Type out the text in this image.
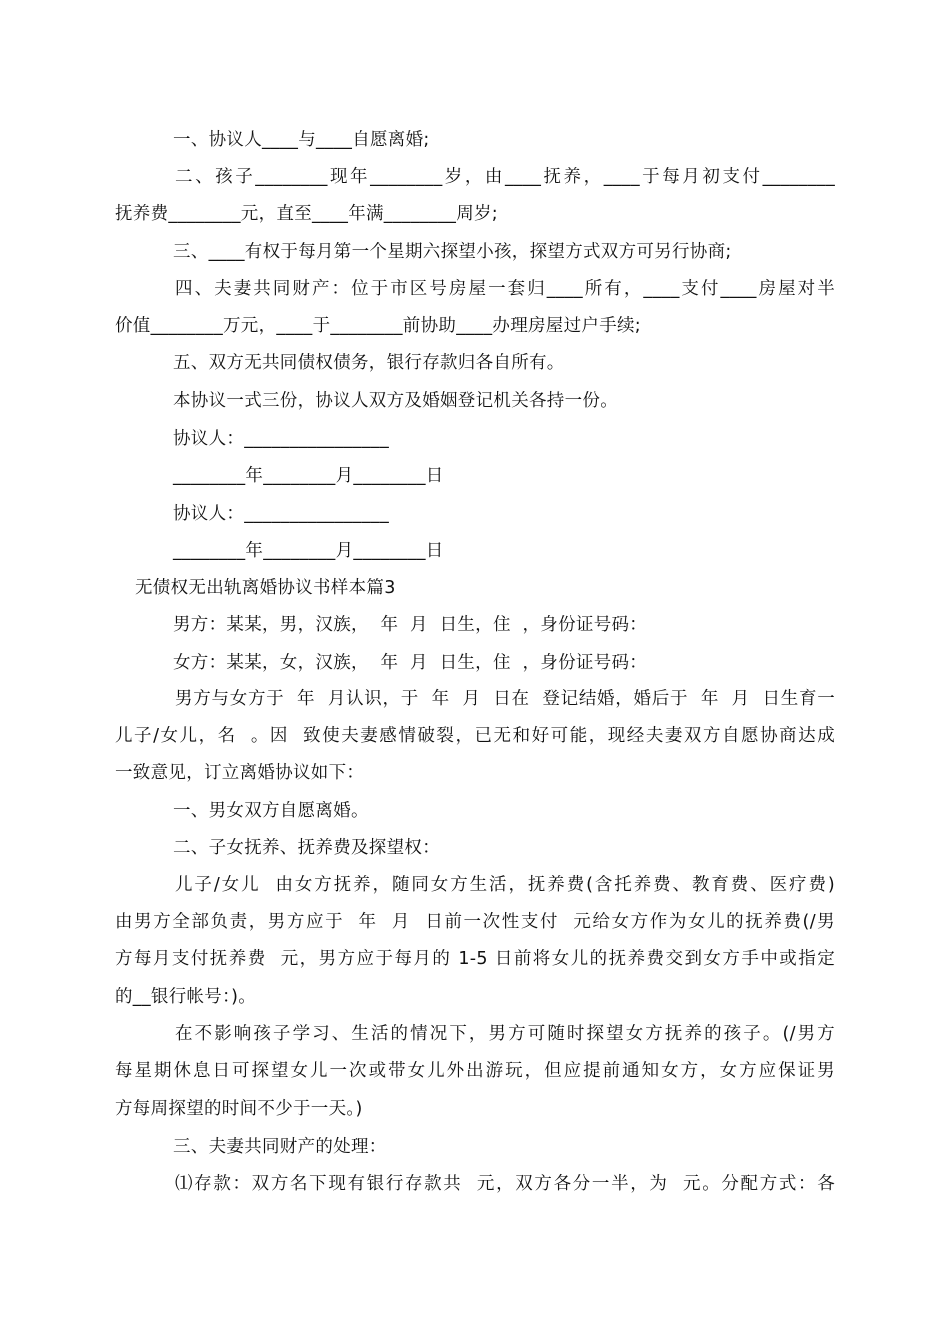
一、协议人____与____自愿离婚;

二、孩子________现年________岁，由____抚养，____于每月初支付________

抚养费________元，直至____年满________周岁;

三、____有权于每月第一个星期六探望小孩，探望方式双方可另行协商;

四、夫妻共同财产：位于市区号房屋一套归____所有，____支付____房屋对半

价值________万元，____于________前协助____办理房屋过户手续;

五、双方无共同债权债务，银行存款归各自所有。

本协议一式三份，协议人双方及婚姻登记机关各持一份。

协议人：________________

________年________月________日

协议人：________________

________年________月________日

无债权无出轨离婚协议书样本篇3

男方：某某，男，汉族，  年  月  日生，住  ，身份证号码：

女方：某某，女，汉族，  年  月  日生，住  ，身份证号码：

男方与女方于  年  月认识，于  年  月  日在  登记结婚，婚后于  年  月  日生育一

儿子/女儿，名  。因  致使夫妻感情破裂，已无和好可能，现经夫妻双方自愿协商达成

一致意见，订立离婚协议如下：

一、男女双方自愿离婚。

二、子女抚养、抚养费及探望权：

儿子/女儿  由女方抚养，随同女方生活，抚养费(含托养费、教育费、医疗费)

由男方全部负责，男方应于  年  月  日前一次性支付  元给女方作为女儿的抚养费(/男

方每月支付抚养费  元，男方应于每月的 1-5 日前将女儿的抚养费交到女方手中或指定

的__银行帐号：)。

在不影响孩子学习、生活的情况下，男方可随时探望女方抚养的孩子。(/男方

每星期休息日可探望女儿一次或带女儿外出游玩，但应提前通知女方，女方应保证男

方每周探望的时间不少于一天。)

三、夫妻共同财产的处理：

⑴存款：双方名下现有银行存款共  元，双方各分一半，为  元。分配方式：各
